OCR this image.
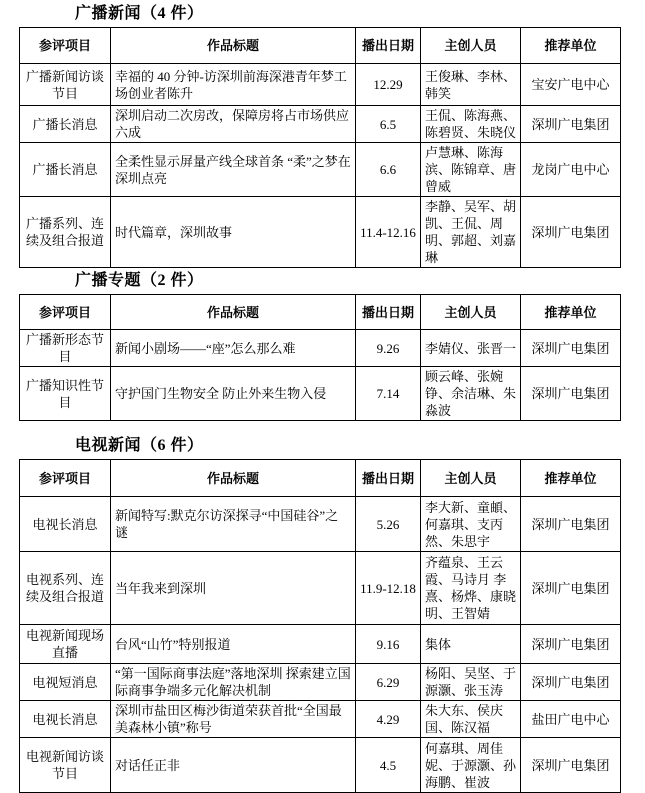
广播新闻（4 件）
参评项目	作品标题	播出日期	主创人员	推荐单位
广播新闻访谈节目	幸福的 40 分钟-访深圳前海深港青年梦工场创业者陈升	12.29	王俊琳、李林、韩笑	宝安广电中心
广播长消息	深圳启动二次房改，保障房将占市场供应六成	6.5	王侃、陈海燕、陈碧贤、朱晓仪	深圳广电集团
广播长消息	全柔性显示屏量产线全球首条 “柔”之梦在深圳点亮	6.6	卢慧琳、陈海滨、陈锦章、唐曾威	龙岗广电中心
广播系列、连续及组合报道	时代篇章，深圳故事	11.4-12.16	李静、吴军、胡凯、王侃、周明、郭超、刘嘉琳	深圳广电集团
广播专题（2 件）
参评项目	作品标题	播出日期	主创人员	推荐单位
广播新形态节目	新闻小剧场——“座”怎么那么难	9.26	李婧仪、张晋一	深圳广电集团
广播知识性节目	守护国门生物安全 防止外来生物入侵	7.14	顾云峰、张婉铮、余洁琳、朱淼波	深圳广电集团
电视新闻（6 件）
参评项目	作品标题	播出日期	主创人员	推荐单位
电视长消息	新闻特写:默克尔访深探寻“中国硅谷”之谜	5.26	李大新、童頔、何嘉琪、支丙然、朱思宇	深圳广电集团
电视系列、连续及组合报道	当年我来到深圳	11.9-12.18	齐蕴泉、王云霞、马诗月 李熹、杨烨、康晓明、王智婧	深圳广电集团
电视新闻现场直播	台风“山竹”特别报道	9.16	集体	深圳广电集团
电视短消息	“第一国际商事法庭”落地深圳 探索建立国际商事争端多元化解决机制	6.29	杨阳、吴坚、于源灏、张玉涛	深圳广电集团
电视长消息	深圳市盐田区梅沙街道荣获首批“全国最美森林小镇”称号	4.29	朱大东、侯庆国、陈汉福	盐田广电中心
电视新闻访谈节目	对话任正非	4.5	何嘉琪、周佳妮、于源灏、孙海鹏、崔波	深圳广电集团
